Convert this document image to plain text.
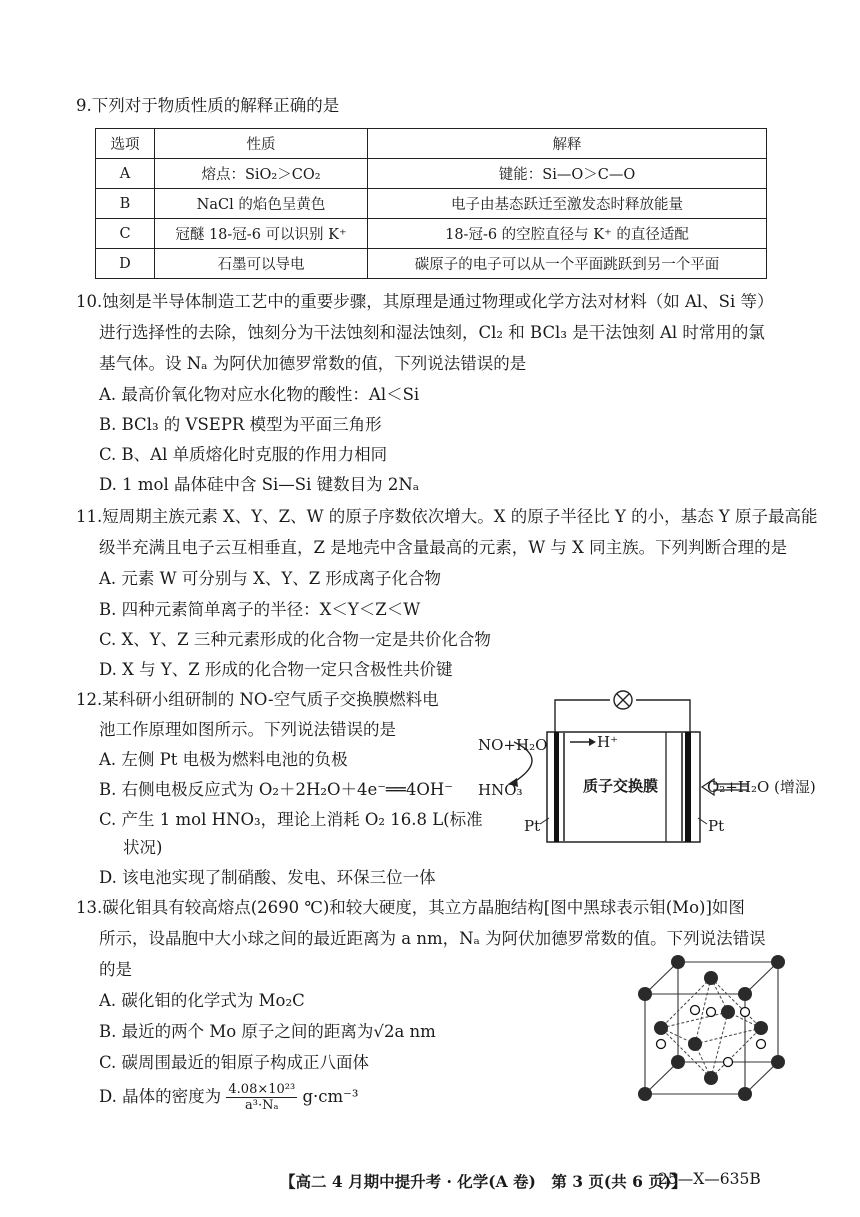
9.下列对于物质性质的解释正确的是
选项	性质	解释
A	熔点：SiO₂＞CO₂	键能：Si—O＞C—O
B	NaCl 的焰色呈黄色	电子由基态跃迁至激发态时释放能量
C	冠醚 18-冠-6 可以识别 K⁺	18-冠-6 的空腔直径与 K⁺ 的直径适配
D	石墨可以导电	碳原子的电子可以从一个平面跳跃到另一个平面
10.蚀刻是半导体制造工艺中的重要步骤，其原理是通过物理或化学方法对材料（如 Al、Si 等）
进行选择性的去除，蚀刻分为干法蚀刻和湿法蚀刻，Cl₂ 和 BCl₃ 是干法蚀刻 Al 时常用的氯
基气体。设 Nₐ 为阿伏加德罗常数的值，下列说法错误的是
A. 最高价氧化物对应水化物的酸性：Al＜Si
B. BCl₃ 的 VSEPR 模型为平面三角形
C. B、Al 单质熔化时克服的作用力相同
D. 1 mol 晶体硅中含 Si—Si 键数目为 2Nₐ
11.短周期主族元素 X、Y、Z、W 的原子序数依次增大。X 的原子半径比 Y 的小，基态 Y 原子最高能
级半充满且电子云互相垂直，Z 是地壳中含量最高的元素，W 与 X 同主族。下列判断合理的是
A. 元素 W 可分别与 X、Y、Z 形成离子化合物
B. 四种元素简单离子的半径：X＜Y＜Z＜W
C. X、Y、Z 三种元素形成的化合物一定是共价化合物
D. X 与 Y、Z 形成的化合物一定只含极性共价键
12.某科研小组研制的 NO-空气质子交换膜燃料电
池工作原理如图所示。下列说法错误的是
A. 左侧 Pt 电极为燃料电池的负极
B. 右侧电极反应式为 O₂＋2H₂O＋4e⁻══4OH⁻
C. 产生 1 mol HNO₃，理论上消耗 O₂ 16.8 L(标准
状况)
D. 该电池实现了制硝酸、发电、环保三位一体
NO+H₂O
HNO₃
H⁺
质子交换膜	O₂+H₂O (增湿)
Pt	Pt
13.碳化钼具有较高熔点(2690 ℃)和较大硬度，其立方晶胞结构[图中黑球表示钼(Mo)]如图
所示，设晶胞中大小球之间的最近距离为 a nm，Nₐ 为阿伏加德罗常数的值。下列说法错误
的是
A. 碳化钼的化学式为 Mo₂C
B. 最近的两个 Mo 原子之间的距离为√2a nm
C. 碳周围最近的钼原子构成正八面体
D. 晶体的密度为 $\frac{\text{4.08×10²³}}{\text{a³·Nₐ}} g\cdot cm^{-3}$
【高二 4 月期中提升考 · 化学(A 卷)　第 3 页(共 6 页)】
25—X—635B
